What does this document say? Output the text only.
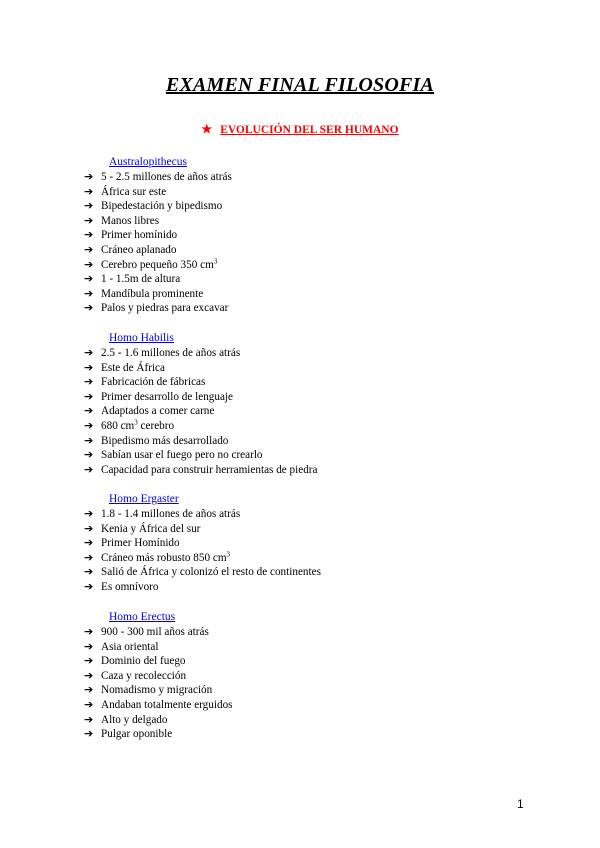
EXAMEN FINAL FILOSOFIA
★ EVOLUCIÓN DEL SER HUMANO
Australopithecus
➔ 5 - 2.5 millones de años atrás
➔ África sur este
➔ Bipedestación y bipedismo
➔ Manos libres
➔ Primer homínido
➔ Cráneo aplanado
➔ Cerebro pequeño 350 $cm^3$
➔ 1 - 1.5m de altura
➔ Mandíbula prominente
➔ Palos y piedras para excavar
Homo Habilis
➔ 2.5 - 1.6 millones de años atrás
➔ Este de África
➔ Fabricación de fábricas
➔ Primer desarrollo de lenguaje
➔ Adaptados a comer carne
➔ 680 $cm^3$ cerebro
➔ Bipedismo más desarrollado
➔ Sabían usar el fuego pero no crearlo
➔ Capacidad para construir herramientas de piedra
Homo Ergaster
➔ 1.8 - 1.4 millones de años atrás
➔ Kenia y África del sur
➔ Primer Homínido
➔ Cráneo más robusto 850 $cm^3$
➔ Salió de África y colonizó el resto de continentes
➔ Es omnívoro
Homo Erectus
➔ 900 - 300 mil años atrás
➔ Asia oriental
➔ Dominio del fuego
➔ Caza y recolección
➔ Nomadismo y migración
➔ Andaban totalmente erguidos
➔ Alto y delgado
➔ Pulgar oponible
1
